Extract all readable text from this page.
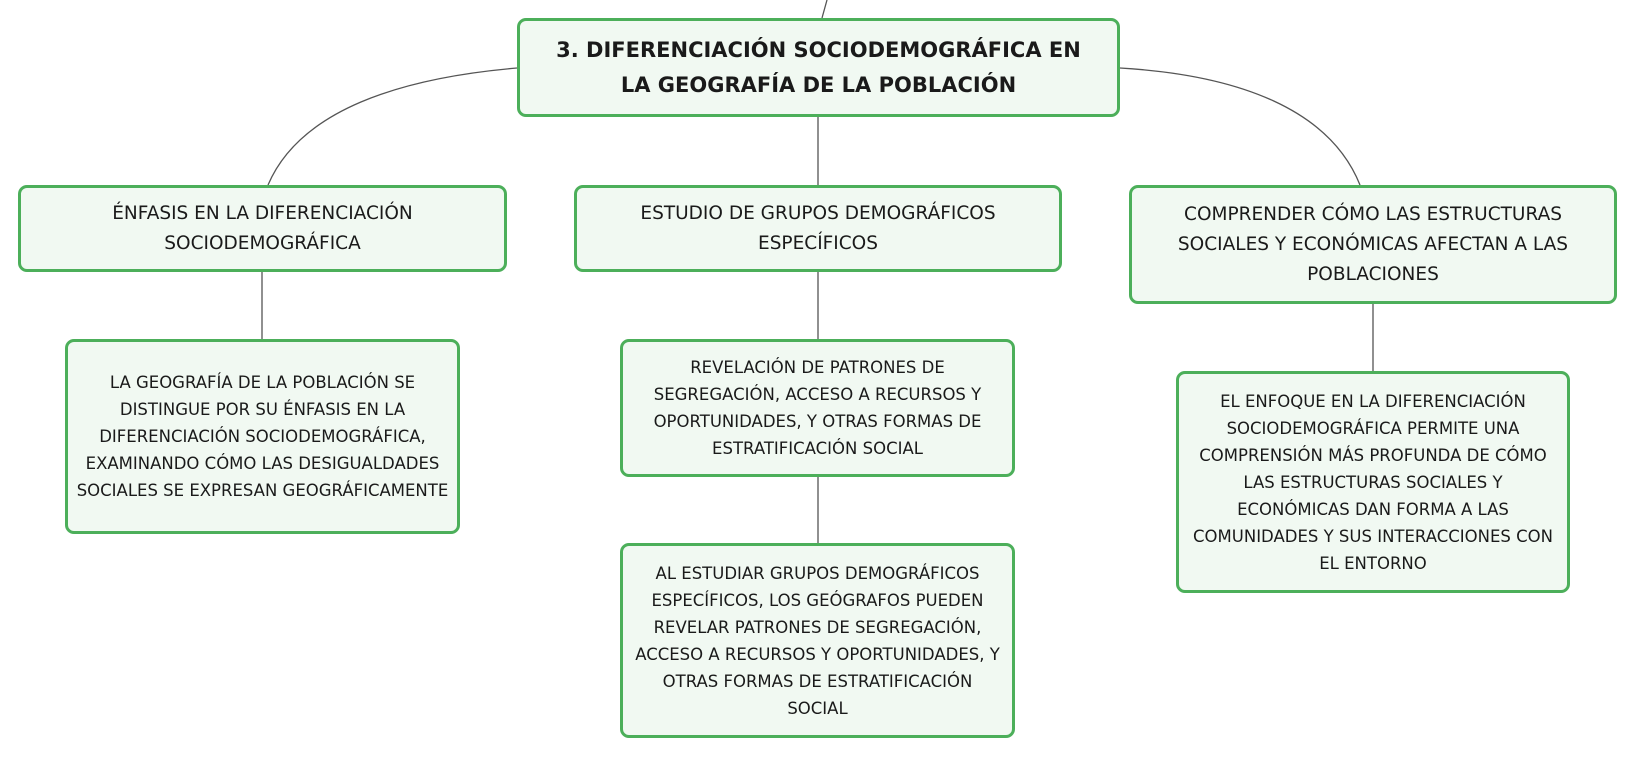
3. DIFERENCIACIÓN SOCIODEMOGRÁFICA EN LA GEOGRAFÍA DE LA POBLACIÓN
ÉNFASIS EN LA DIFERENCIACIÓN SOCIODEMOGRÁFICA
ESTUDIO DE GRUPOS DEMOGRÁFICOS ESPECÍFICOS
COMPRENDER CÓMO LAS ESTRUCTURAS SOCIALES Y ECONÓMICAS AFECTAN A LAS POBLACIONES
LA GEOGRAFÍA DE LA POBLACIÓN SE DISTINGUE POR SU ÉNFASIS EN LA DIFERENCIACIÓN SOCIODEMOGRÁFICA, EXAMINANDO CÓMO LAS DESIGUALDADES SOCIALES SE EXPRESAN GEOGRÁFICAMENTE
REVELACIÓN DE PATRONES DE SEGREGACIÓN, ACCESO A RECURSOS Y OPORTUNIDADES, Y OTRAS FORMAS DE ESTRATIFICACIÓN SOCIAL
AL ESTUDIAR GRUPOS DEMOGRÁFICOS ESPECÍFICOS, LOS GEÓGRAFOS PUEDEN REVELAR PATRONES DE SEGREGACIÓN, ACCESO A RECURSOS Y OPORTUNIDADES, Y OTRAS FORMAS DE ESTRATIFICACIÓN SOCIAL
EL ENFOQUE EN LA DIFERENCIACIÓN SOCIODEMOGRÁFICA PERMITE UNA COMPRENSIÓN MÁS PROFUNDA DE CÓMO LAS ESTRUCTURAS SOCIALES Y ECONÓMICAS DAN FORMA A LAS COMUNIDADES Y SUS INTERACCIONES CON EL ENTORNO
